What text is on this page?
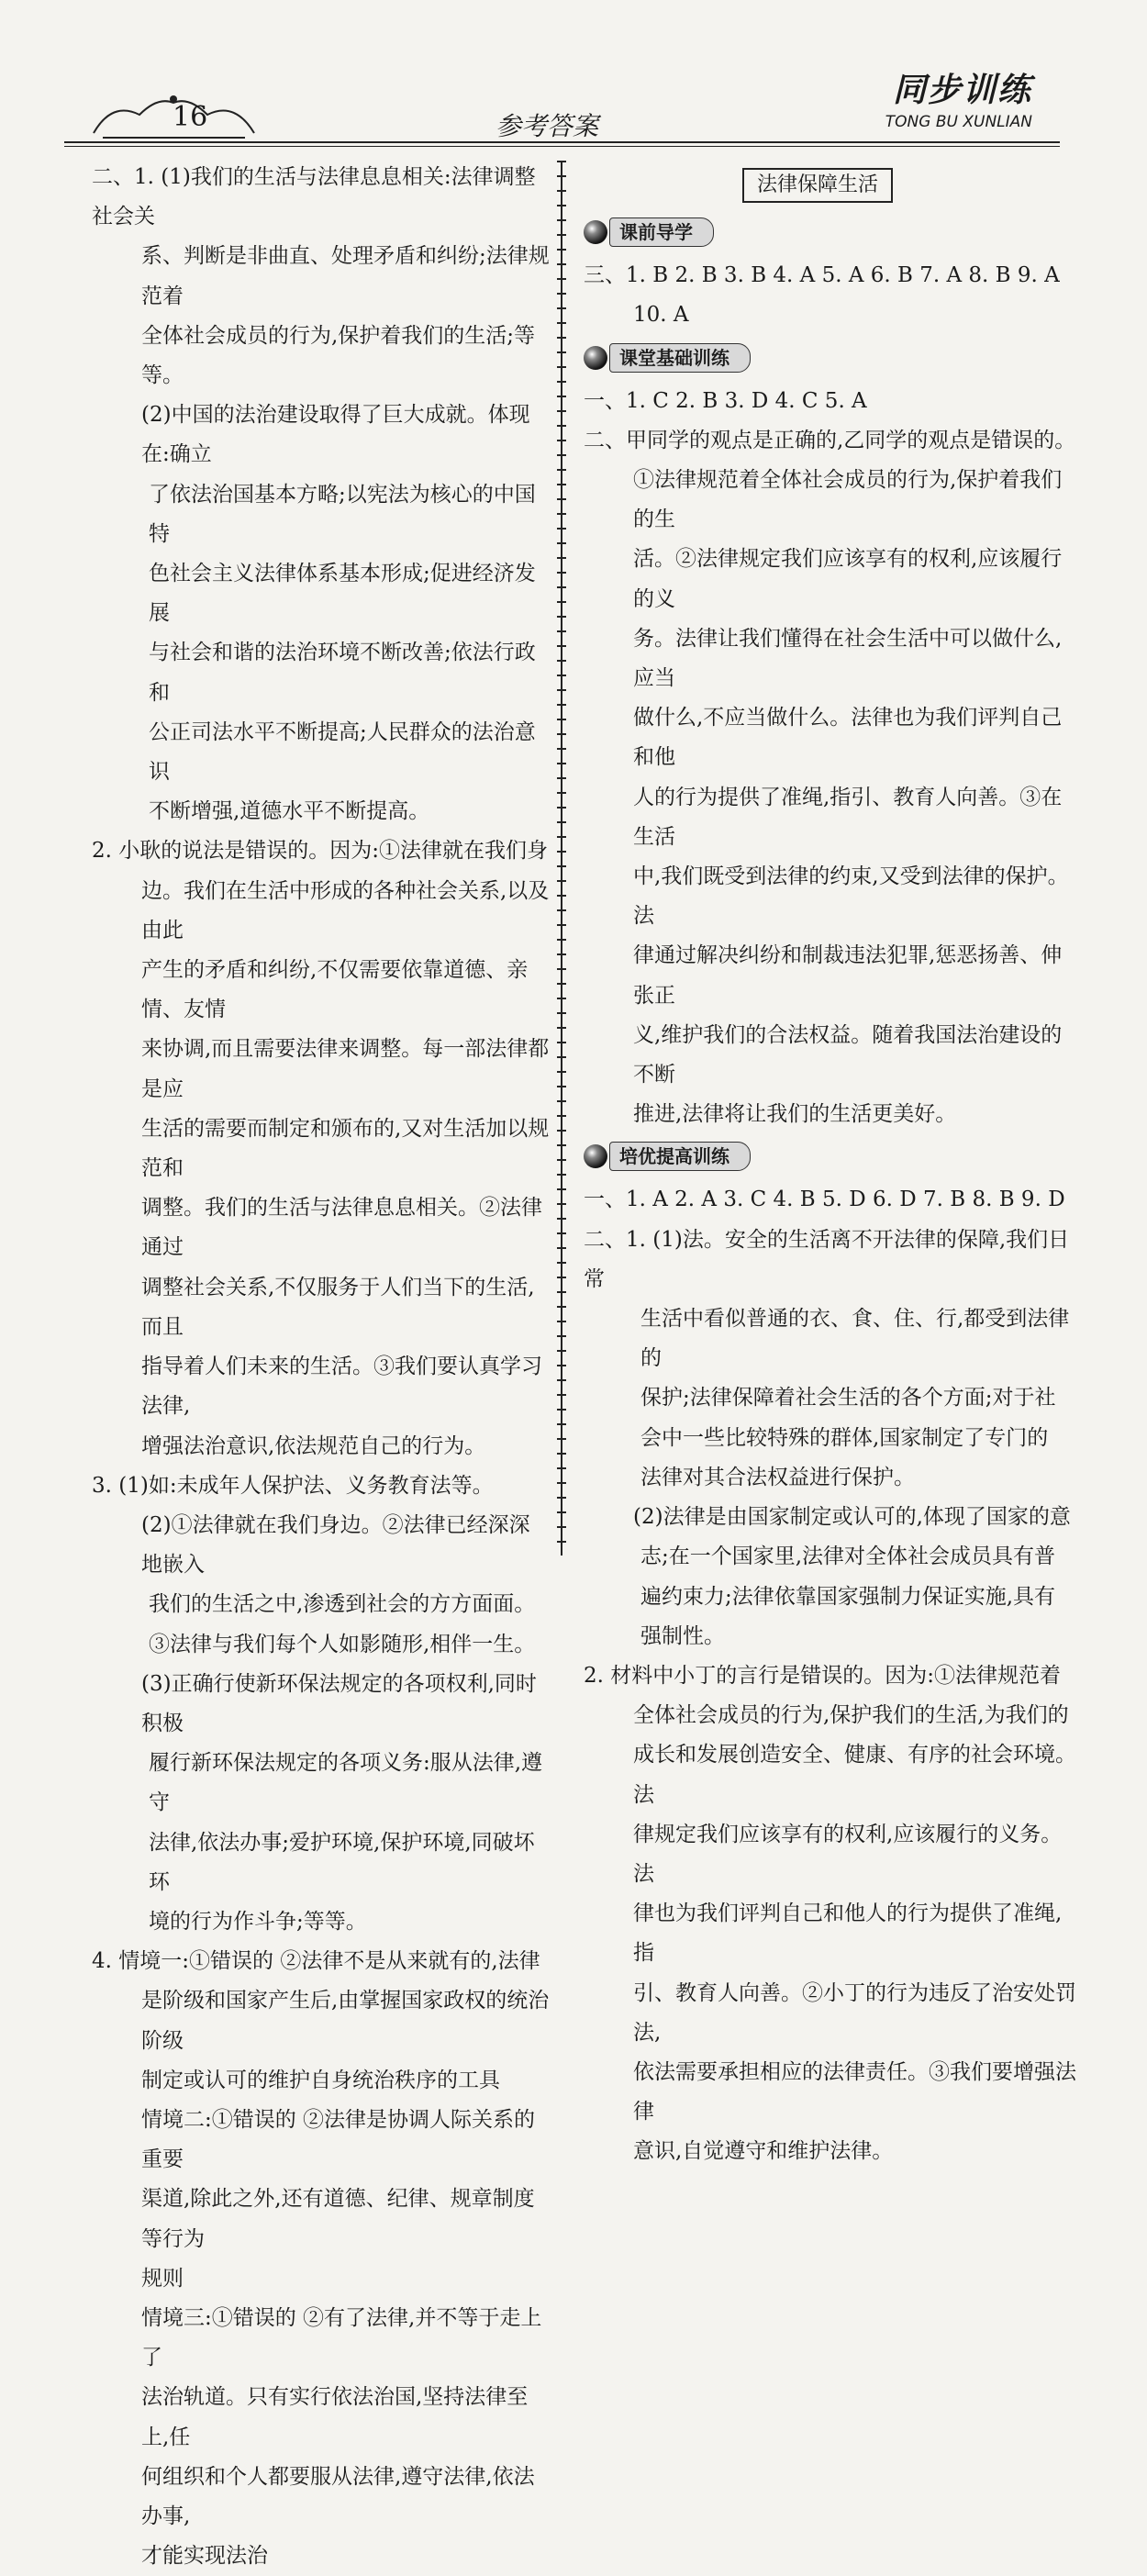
16	参考答案
同步训练
TONG BU XUNLIAN

二、1. (1)我们的生活与法律息息相关:法律调整社会关

系、判断是非曲直、处理矛盾和纠纷;法律规范着

全体社会成员的行为,保护着我们的生活;等等。

(2)中国的法治建设取得了巨大成就。体现在:确立

了依法治国基本方略;以宪法为核心的中国特

色社会主义法律体系基本形成;促进经济发展

与社会和谐的法治环境不断改善;依法行政和

公正司法水平不断提高;人民群众的法治意识

不断增强,道德水平不断提高。

2. 小耿的说法是错误的。因为:①法律就在我们身

边。我们在生活中形成的各种社会关系,以及由此

产生的矛盾和纠纷,不仅需要依靠道德、亲情、友情

来协调,而且需要法律来调整。每一部法律都是应

生活的需要而制定和颁布的,又对生活加以规范和

调整。我们的生活与法律息息相关。②法律通过

调整社会关系,不仅服务于人们当下的生活,而且

指导着人们未来的生活。③我们要认真学习法律,

增强法治意识,依法规范自己的行为。

3. (1)如:未成年人保护法、义务教育法等。

(2)①法律就在我们身边。②法律已经深深地嵌入

我们的生活之中,渗透到社会的方方面面。

③法律与我们每个人如影随形,相伴一生。

(3)正确行使新环保法规定的各项权利,同时积极

履行新环保法规定的各项义务:服从法律,遵守

法律,依法办事;爱护环境,保护环境,同破坏环

境的行为作斗争;等等。

4. 情境一:①错误的 ②法律不是从来就有的,法律

是阶级和国家产生后,由掌握国家政权的统治阶级

制定或认可的维护自身统治秩序的工具

情境二:①错误的 ②法律是协调人际关系的重要

渠道,除此之外,还有道德、纪律、规章制度等行为

规则

情境三:①错误的 ②有了法律,并不等于走上了

法治轨道。只有实行依法治国,坚持法律至上,任

何组织和个人都要服从法律,遵守法律,依法办事,

才能实现法治

法律保障生活
课前导学

三、1. B 2. B 3. B 4. A 5. A 6. B 7. A 8. B 9. A

10. A

课堂基础训练

一、1. C 2. B 3. D 4. C 5. A

二、甲同学的观点是正确的,乙同学的观点是错误的。

①法律规范着全体社会成员的行为,保护着我们的生

活。②法律规定我们应该享有的权利,应该履行的义

务。法律让我们懂得在社会生活中可以做什么,应当

做什么,不应当做什么。法律也为我们评判自己和他

人的行为提供了准绳,指引、教育人向善。③在生活

中,我们既受到法律的约束,又受到法律的保护。法

律通过解决纠纷和制裁违法犯罪,惩恶扬善、伸张正

义,维护我们的合法权益。随着我国法治建设的不断

推进,法律将让我们的生活更美好。

培优提高训练

一、1. A 2. A 3. C 4. B 5. D 6. D 7. B 8. B 9. D

二、1. (1)法。安全的生活离不开法律的保障,我们日常

生活中看似普通的衣、食、住、行,都受到法律的

保护;法律保障着社会生活的各个方面;对于社

会中一些比较特殊的群体,国家制定了专门的

法律对其合法权益进行保护。

(2)法律是由国家制定或认可的,体现了国家的意

志;在一个国家里,法律对全体社会成员具有普

遍约束力;法律依靠国家强制力保证实施,具有

强制性。

2. 材料中小丁的言行是错误的。因为:①法律规范着

全体社会成员的行为,保护我们的生活,为我们的

成长和发展创造安全、健康、有序的社会环境。法

律规定我们应该享有的权利,应该履行的义务。法

律也为我们评判自己和他人的行为提供了准绳,指

引、教育人向善。②小丁的行为违反了治安处罚法,

依法需要承担相应的法律责任。③我们要增强法律

意识,自觉遵守和维护法律。
